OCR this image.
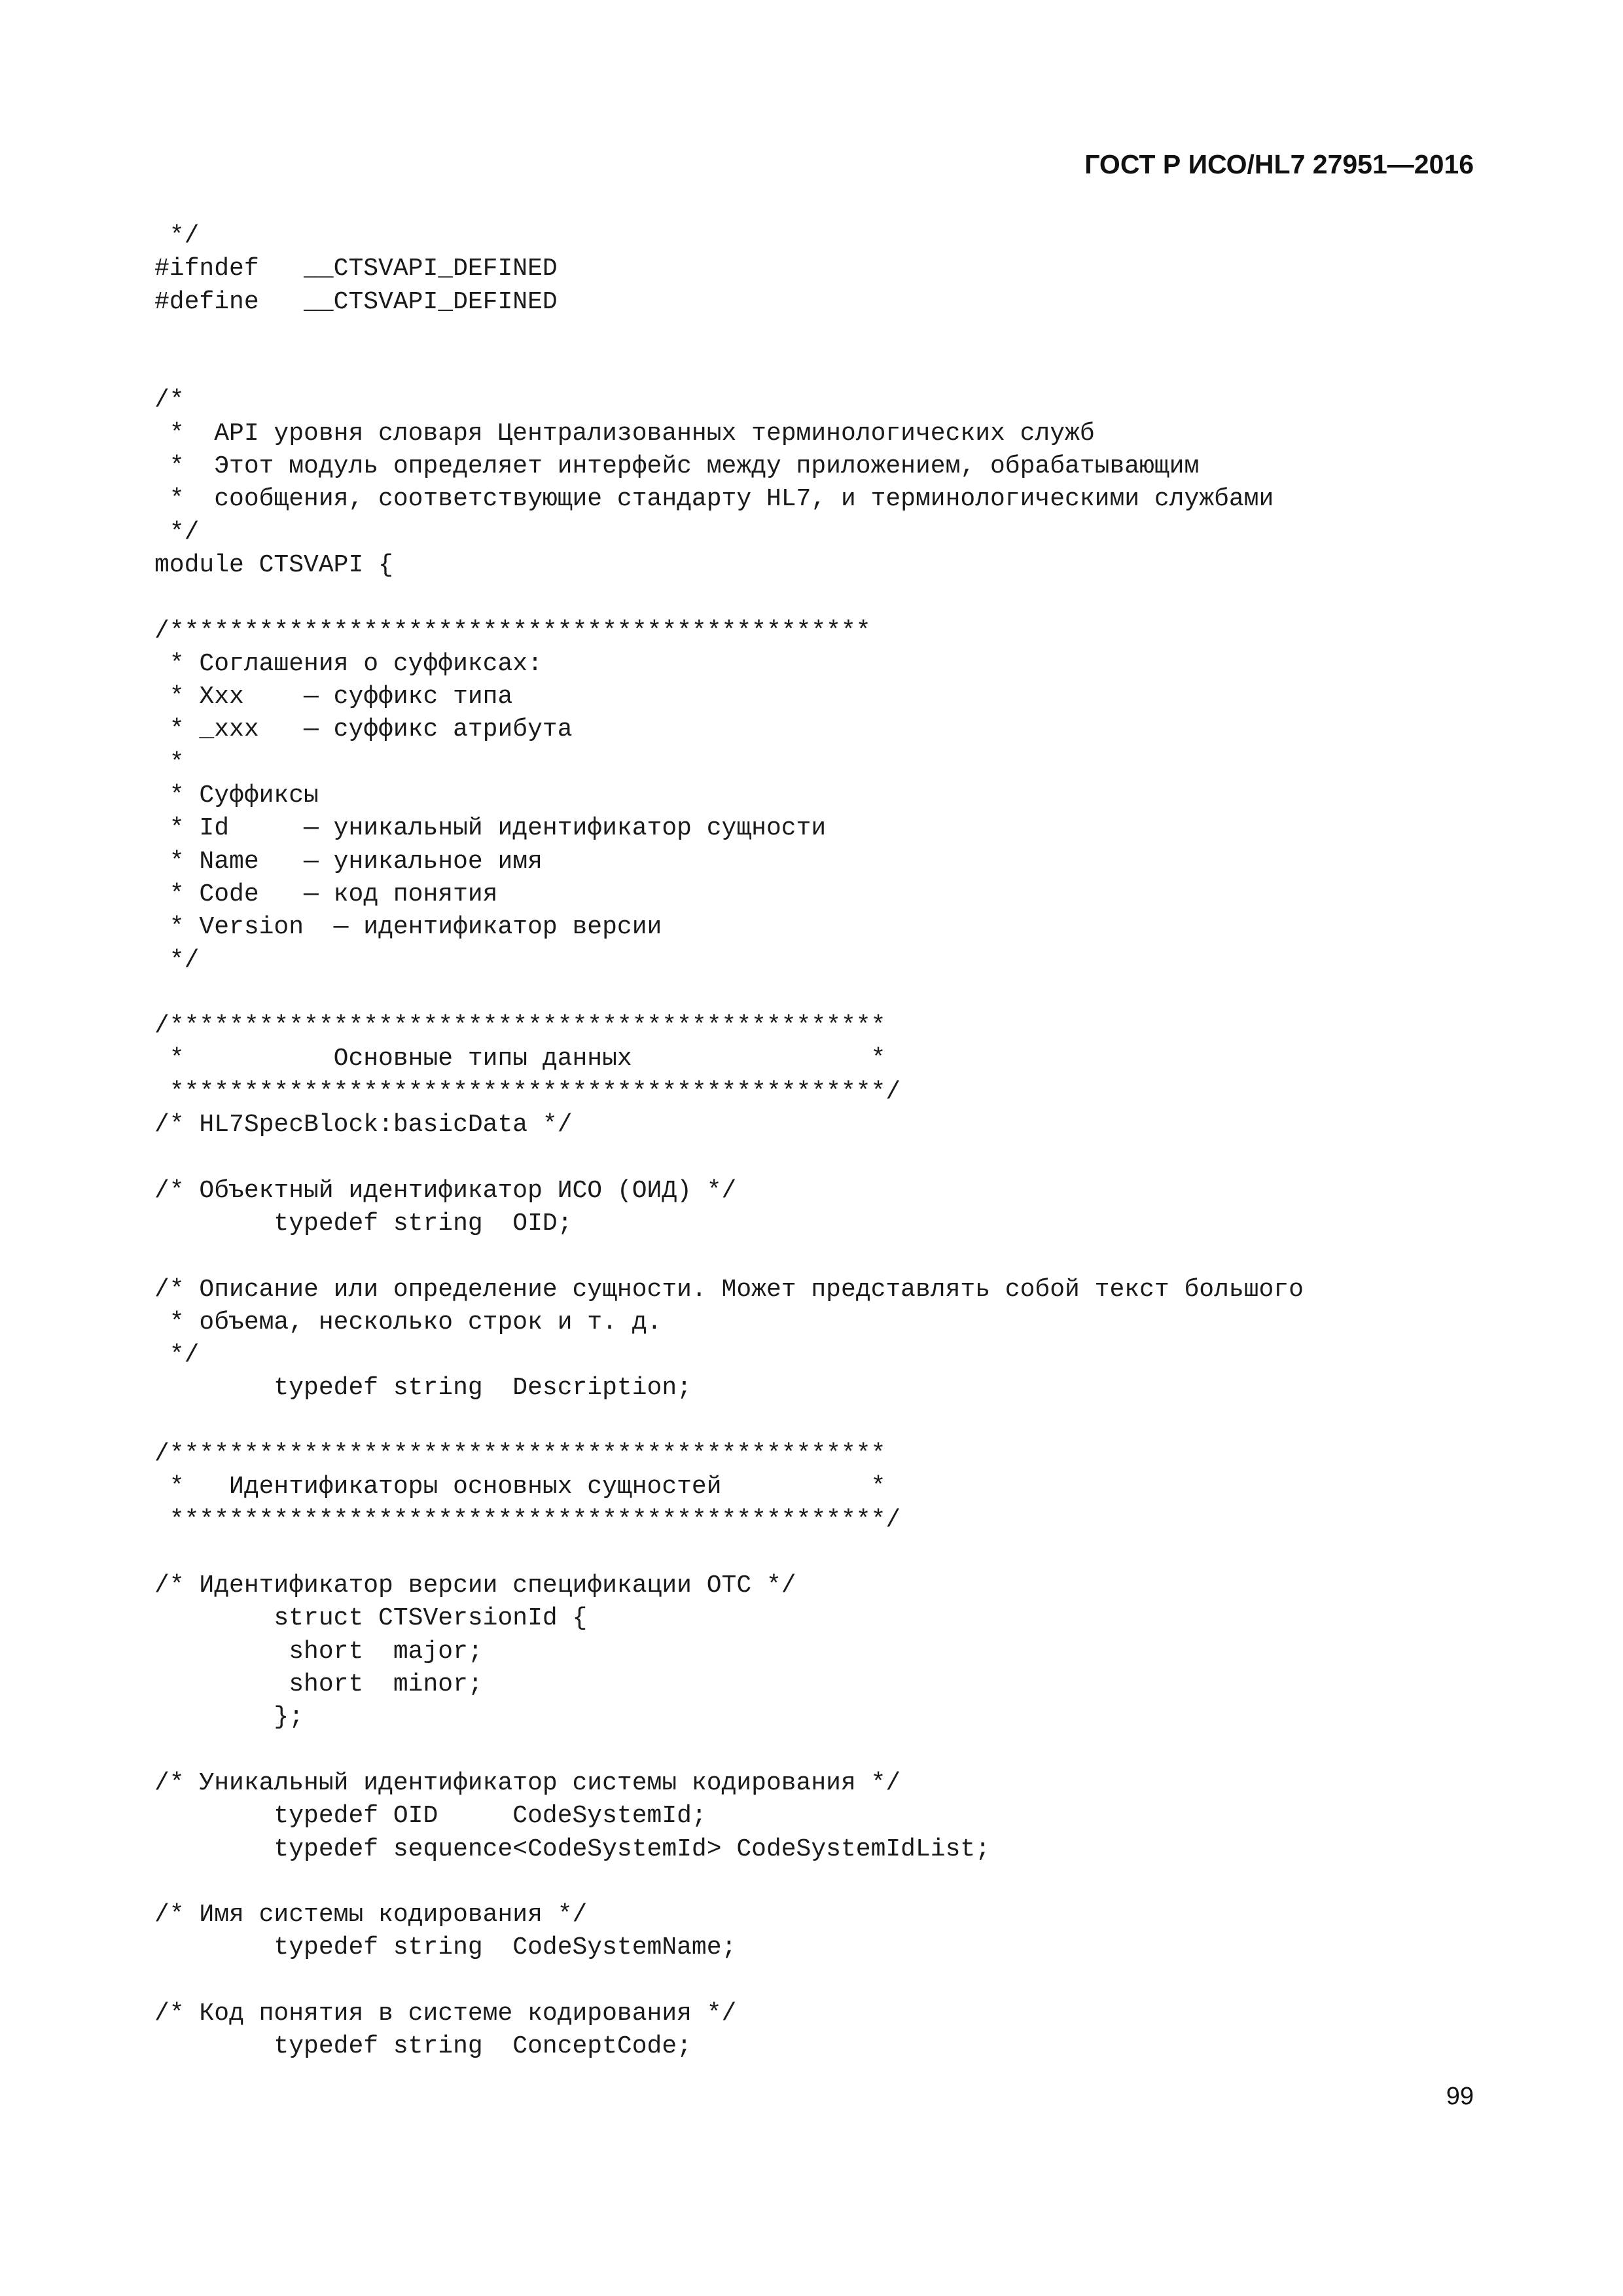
ГОСТ Р ИСО/HL7 27951—2016
*/
#ifndef   __CTSVAPI_DEFINED
#define   __CTSVAPI_DEFINED
/*
*  API уровня словаря Централизованных терминологических служб
*  Этот модуль определяет интерфейс между приложением, обрабатывающим
*  сообщения, соответствующие стандарту HL7, и терминологическими службами
*/
module CTSVAPI {
/***********************************************
* Соглашения о суффиксах:
* Xxx    — суффикс типа
* _xxx   — суффикс атрибута
*
* Суффиксы
* Id     — уникальный идентификатор сущности
* Name   — уникальное имя
* Code   — код понятия
* Version  — идентификатор версии
*/
/************************************************
*          Основные типы данных                *
************************************************/
/* HL7SpecBlock:basicData */
/* Объектный идентификатор ИСО (ОИД) */
typedef string  OID;
/* Описание или определение сущности. Может представлять собой текст большого
* объема, несколько строк и т. д.
*/
typedef string  Description;
/************************************************
*   Идентификаторы основных сущностей          *
************************************************/
/* Идентификатор версии спецификации ОТС */
struct CTSVersionId {
short  major;
short  minor;
};
/* Уникальный идентификатор системы кодирования */
typedef OID     CodeSystemId;
typedef sequence<CodeSystemId> CodeSystemIdList;
/* Имя системы кодирования */
typedef string  CodeSystemName;
/* Код понятия в системе кодирования */
typedef string  ConceptCode;
99
